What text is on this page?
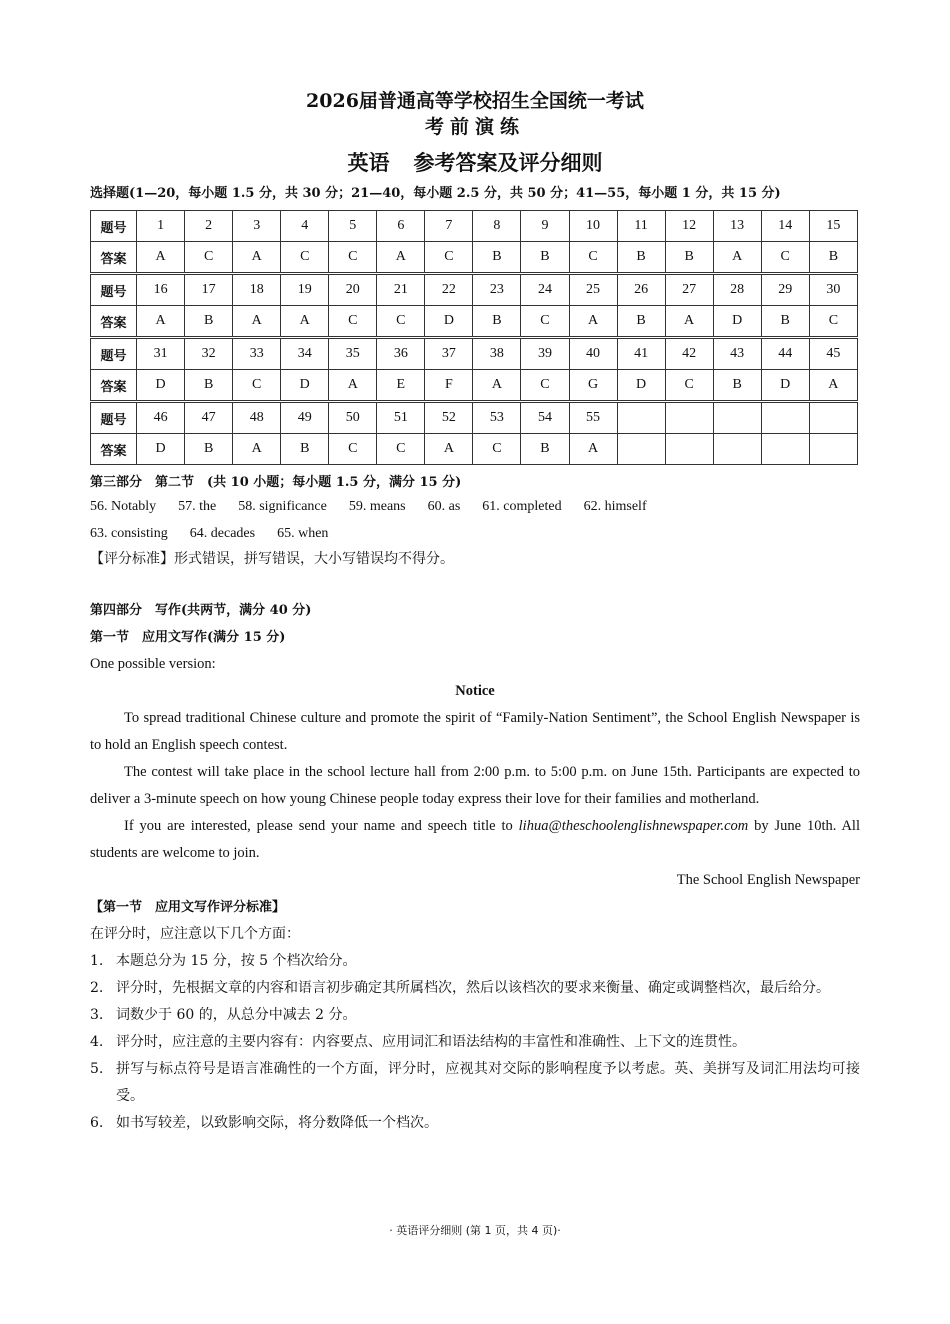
2026届普通高等学校招生全国统一考试

考前演练

英语 参考答案及评分细则

选择题(1—20，每小题 1.5 分，共 30 分；21—40，每小题 2.5 分，共 50 分；41—55，每小题 1 分，共 15 分)
题号	1	2	3	4	5	6	7	8	9	10	11	12	13	14	15
答案	A	C	A	C	C	A	C	B	B	C	B	B	A	C	B
题号	16	17	18	19	20	21	22	23	24	25	26	27	28	29	30
答案	A	B	A	A	C	C	D	B	C	A	B	A	D	B	C
题号	31	32	33	34	35	36	37	38	39	40	41	42	43	44	45
答案	D	B	C	D	A	E	F	A	C	G	D	C	B	D	A
题号	46	47	48	49	50	51	52	53	54	55					
答案	D	B	A	B	C	C	A	C	B	A					
第三部分　第二节　(共 10 小题；每小题 1.5 分，满分 15 分)
56. Notably 57. the 58. significance 59. means 60. as 61. completed 62. himself
63. consisting 64. decades 65. when
【评分标准】形式错误，拼写错误，大小写错误均不得分。
第四部分　写作(共两节，满分 40 分)
第一节　应用文写作(满分 15 分)
One possible version:
Notice
To spread traditional Chinese culture and promote the spirit of “Family-Nation Sentiment”, the School English Newspaper is to hold an English speech contest.
The contest will take place in the school lecture hall from 2:00 p.m. to 5:00 p.m. on June 15th. Participants are expected to deliver a 3-minute speech on how young Chinese people today express their love for their families and motherland.
If you are interested, please send your name and speech title to lihua@theschoolenglishnewspaper.com by June 10th. All students are welcome to join.
The School English Newspaper
【第一节　应用文写作评分标准】
在评分时，应注意以下几个方面：
1. 本题总分为 15 分，按 5 个档次给分。
2. 评分时，先根据文章的内容和语言初步确定其所属档次，然后以该档次的要求来衡量、确定或调整档次，最后给分。
3. 词数少于 60 的，从总分中减去 2 分。
4. 评分时，应注意的主要内容有：内容要点、应用词汇和语法结构的丰富性和准确性、上下文的连贯性。
5. 拼写与标点符号是语言准确性的一个方面，评分时，应视其对交际的影响程度予以考虑。英、美拼写及词汇用法均可接受。
6. 如书写较差，以致影响交际，将分数降低一个档次。
· 英语评分细则 (第 1 页，共 4 页)·
